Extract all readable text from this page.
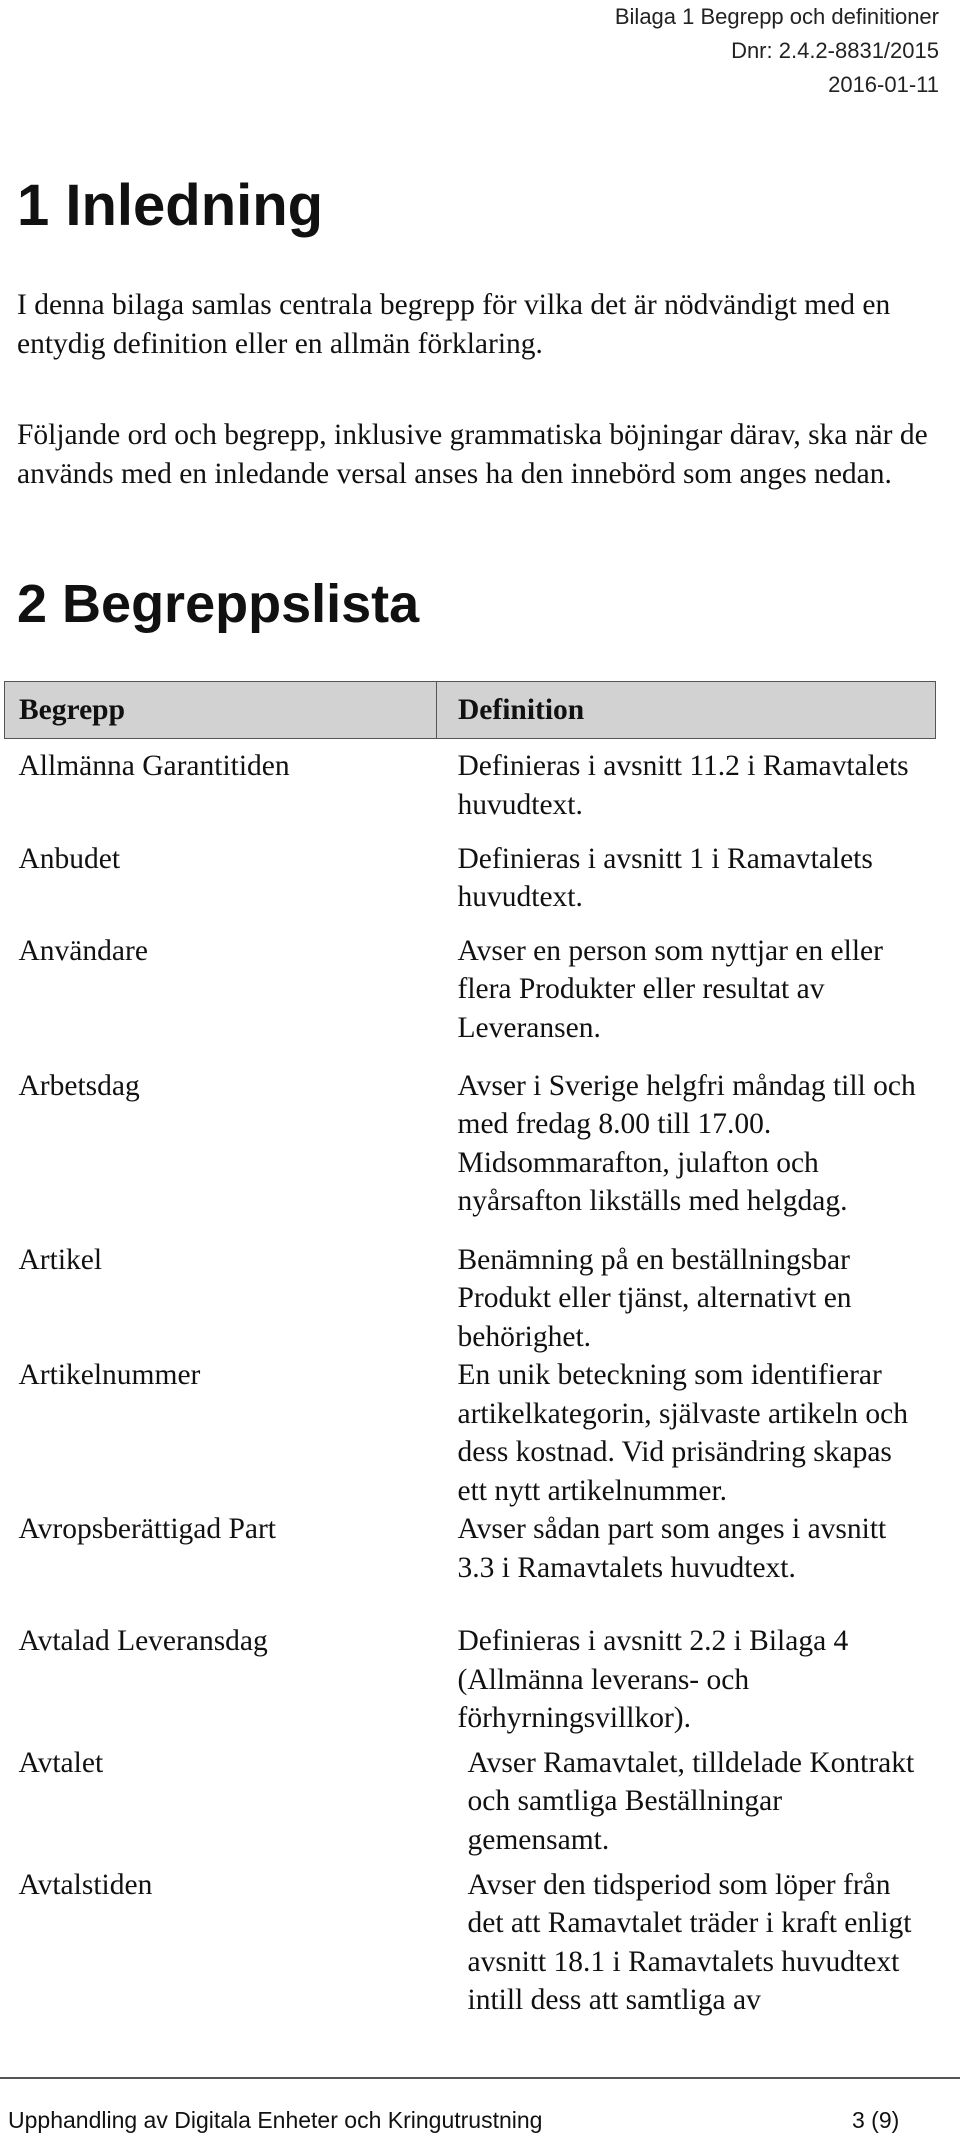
Bilaga 1 Begrepp och definitioner
Dnr: 2.4.2-8831/2015
2016-01-11
1 Inledning

I denna bilaga samlas centrala begrepp för vilka det är nödvändigt med en entydig definition eller en allmän förklaring.

Följande ord och begrepp, inklusive grammatiska böjningar därav, ska när de används med en inledande versal anses ha den innebörd som anges nedan.

2 Begreppslista
Begrepp	Definition
Allmänna Garantitiden	Definieras i avsnitt 11.2 i Ramavtalets huvudtext.
Anbudet	Definieras i avsnitt 1 i Ramavtalets huvudtext.
Användare	Avser en person som nyttjar en eller flera Produkter eller resultat av Leveransen.
Arbetsdag	Avser i Sverige helgfri måndag till och med fredag 8.00 till 17.00. Midsommarafton, julafton och nyårsafton likställs med helgdag.
Artikel	Benämning på en beställningsbar Produkt eller tjänst, alternativt en behörighet.
Artikelnummer	En unik beteckning som identifierar artikelkategorin, självaste artikeln och dess kostnad. Vid prisändring skapas ett nytt artikelnummer.
Avropsberättigad Part	Avser sådan part som anges i avsnitt 3.3 i Ramavtalets huvudtext.
Avtalad Leveransdag	Definieras i avsnitt 2.2 i Bilaga 4 (Allmänna leverans- och förhyrningsvillkor).
Avtalet	Avser Ramavtalet, tilldelade Kontrakt och samtliga Beställningar gemensamt.
Avtalstiden	Avser den tidsperiod som löper från det att Ramavtalet träder i kraft enligt avsnitt 18.1 i Ramavtalets huvudtext intill dess att samtliga av
Upphandling av Digitala Enheter och Kringutrustning	3 (9)
